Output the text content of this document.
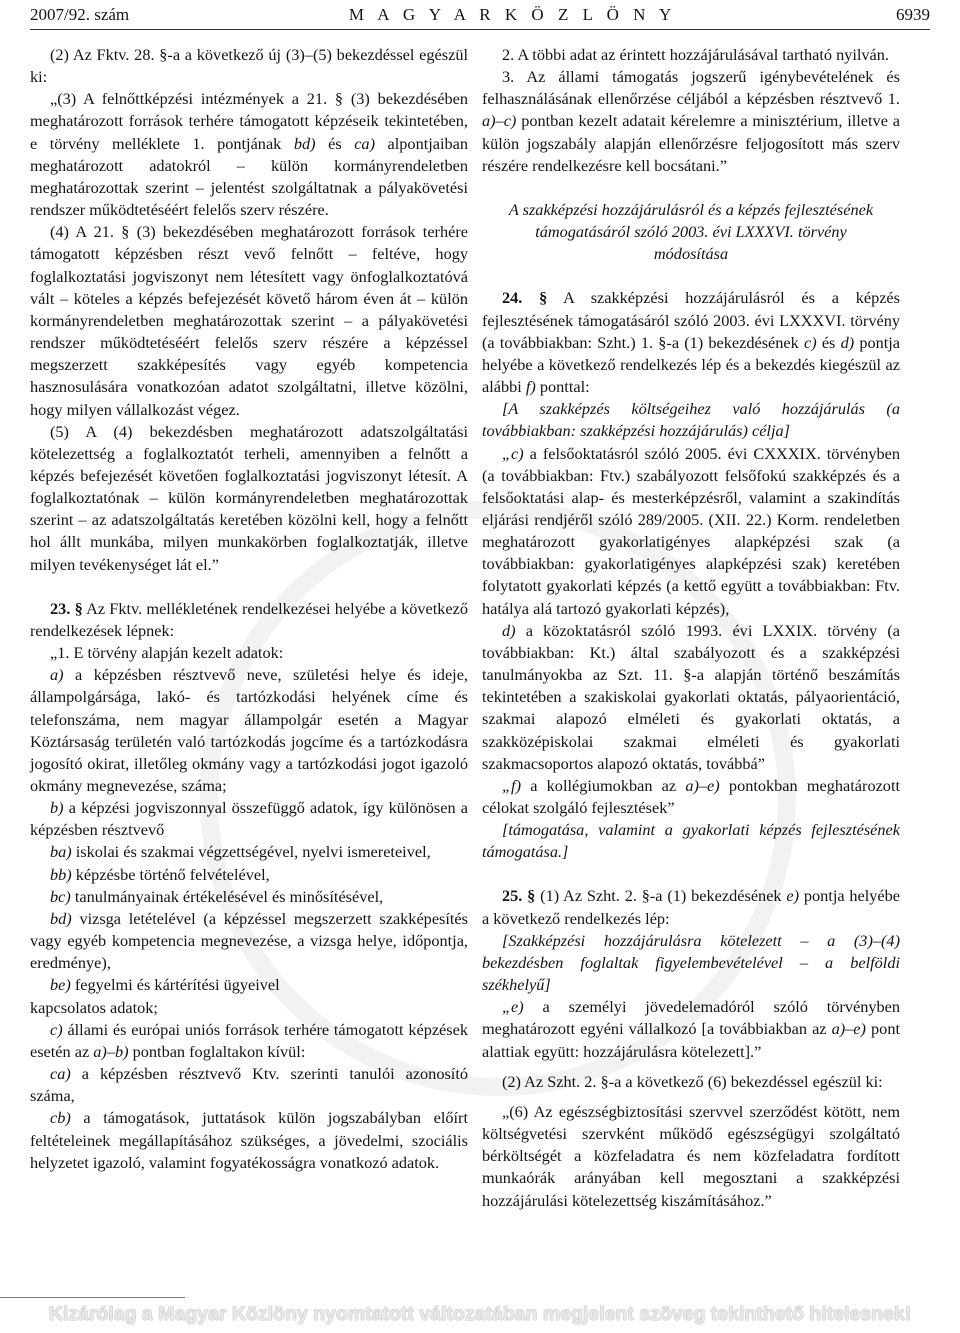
2007/92. szám	M A G Y A R K Ö Z L Ö N Y	6939

(2) Az Fktv. 28. §-a a következő új (3)–(5) bekezdéssel egészül ki:

„(3) A felnőttképzési intézmények a 21. § (3) bekezdésében meghatározott források terhére támogatott képzéseik tekintetében, e törvény melléklete 1. pontjának bd) és ca) alpontjaiban meghatározott adatokról – külön kormányrendeletben meghatározottak szerint – jelentést szolgáltatnak a pályakövetési rendszer működtetéséért felelős szerv részére.

(4) A 21. § (3) bekezdésében meghatározott források terhére támogatott képzésben részt vevő felnőtt – feltéve, hogy foglalkoztatási jogviszonyt nem létesített vagy önfoglalkoztatóvá vált – köteles a képzés befejezését követő három éven át – külön kormányrendeletben meghatározottak szerint – a pályakövetési rendszer működtetéséért felelős szerv részére a képzéssel megszerzett szakképesítés vagy egyéb kompetencia hasznosulására vonatkozóan adatot szolgáltatni, illetve közölni, hogy milyen vállalkozást végez.

(5) A (4) bekezdésben meghatározott adatszolgáltatási kötelezettség a foglalkoztatót terheli, amennyiben a felnőtt a képzés befejezését követően foglalkoztatási jogviszonyt létesít. A foglalkoztatónak – külön kormányrendeletben meghatározottak szerint – az adatszolgáltatás keretében közölni kell, hogy a felnőtt hol állt munkába, milyen munkakörben foglalkoztatják, illetve milyen tevékenységet lát el.”

23. § Az Fktv. mellékletének rendelkezései helyébe a következő rendelkezések lépnek:

„1. E törvény alapján kezelt adatok:

a) a képzésben résztvevő neve, születési helye és ideje, állampolgársága, lakó- és tartózkodási helyének címe és telefonszáma, nem magyar állampolgár esetén a Magyar Köztársaság területén való tartózkodás jogcíme és a tartózkodásra jogosító okirat, illetőleg okmány vagy a tartózkodási jogot igazoló okmány megnevezése, száma;

b) a képzési jogviszonnyal összefüggő adatok, így különösen a képzésben résztvevő

ba) iskolai és szakmai végzettségével, nyelvi ismereteivel,

bb) képzésbe történő felvételével,

bc) tanulmányainak értékelésével és minősítésével,

bd) vizsga letételével (a képzéssel megszerzett szakképesítés vagy egyéb kompetencia megnevezése, a vizsga helye, időpontja, eredménye),

be) fegyelmi és kártérítési ügyeivel

kapcsolatos adatok;

c) állami és európai uniós források terhére támogatott képzések esetén az a)–b) pontban foglaltakon kívül:

ca) a képzésben résztvevő Ktv. szerinti tanulói azonosító száma,

cb) a támogatások, juttatások külön jogszabályban előírt feltételeinek megállapításához szükséges, a jövedelmi, szociális helyzetet igazoló, valamint fogyatékosságra vonatkozó adatok.

2. A többi adat az érintett hozzájárulásával tartható nyilván.

3. Az állami támogatás jogszerű igénybevételének és felhasználásának ellenőrzése céljából a képzésben résztvevő 1. a)–c) pontban kezelt adatait kérelemre a minisztérium, illetve a külön jogszabály alapján ellenőrzésre feljogosított más szerv részére rendelkezésre kell bocsátani.”

A szakképzési hozzájárulásról és a képzés fejlesztésének

támogatásáról szóló 2003. évi LXXXVI. törvény

módosítása

24. § A szakképzési hozzájárulásról és a képzés fejlesztésének támogatásáról szóló 2003. évi LXXXVI. törvény (a továbbiakban: Szht.) 1. §-a (1) bekezdésének c) és d) pontja helyébe a következő rendelkezés lép és a bekezdés kiegészül az alábbi f) ponttal:

[A szakképzés költségeihez való hozzájárulás (a továbbiakban: szakképzési hozzájárulás) célja]

„c) a felsőoktatásról szóló 2005. évi CXXXIX. törvényben (a továbbiakban: Ftv.) szabályozott felsőfokú szakképzés és a felsőoktatási alap- és mesterképzésről, valamint a szakindítás eljárási rendjéről szóló 289/2005. (XII. 22.) Korm. rendeletben meghatározott gyakorlatigényes alapképzési szak (a továbbiakban: gyakorlatigényes alapképzési szak) keretében folytatott gyakorlati képzés (a kettő együtt a továbbiakban: Ftv. hatálya alá tartozó gyakorlati képzés),

d) a közoktatásról szóló 1993. évi LXXIX. törvény (a továbbiakban: Kt.) által szabályozott és a szakképzési tanulmányokba az Szt. 11. §-a alapján történő beszámítás tekintetében a szakiskolai gyakorlati oktatás, pályaorientáció, szakmai alapozó elméleti és gyakorlati oktatás, a szakközépiskolai szakmai elméleti és gyakorlati szakmacsoportos alapozó oktatás, továbbá”

„f) a kollégiumokban az a)–e) pontokban meghatározott célokat szolgáló fejlesztések”

[támogatása, valamint a gyakorlati képzés fejlesztésének támogatása.]

25. § (1) Az Szht. 2. §-a (1) bekezdésének e) pontja helyébe a következő rendelkezés lép:

[Szakképzési hozzájárulásra kötelezett – a (3)–(4) bekezdésben foglaltak figyelembevételével – a belföldi székhelyű]

„e) a személyi jövedelemadóról szóló törvényben meghatározott egyéni vállalkozó [a továbbiakban az a)–e) pont alattiak együtt: hozzájárulásra kötelezett].”

(2) Az Szht. 2. §-a a következő (6) bekezdéssel egészül ki:

„(6) Az egészségbiztosítási szervvel szerződést kötött, nem költségvetési szervként működő egészségügyi szolgáltató bérköltségét a közfeladatra és nem közfeladatra fordított munkaórák arányában kell megosztani a szakképzési hozzájárulási kötelezettség kiszámításához.”

Kizárólag a Magyar Közlöny nyomtatott változatában megjelent szöveg tekinthető hitelesnek!
